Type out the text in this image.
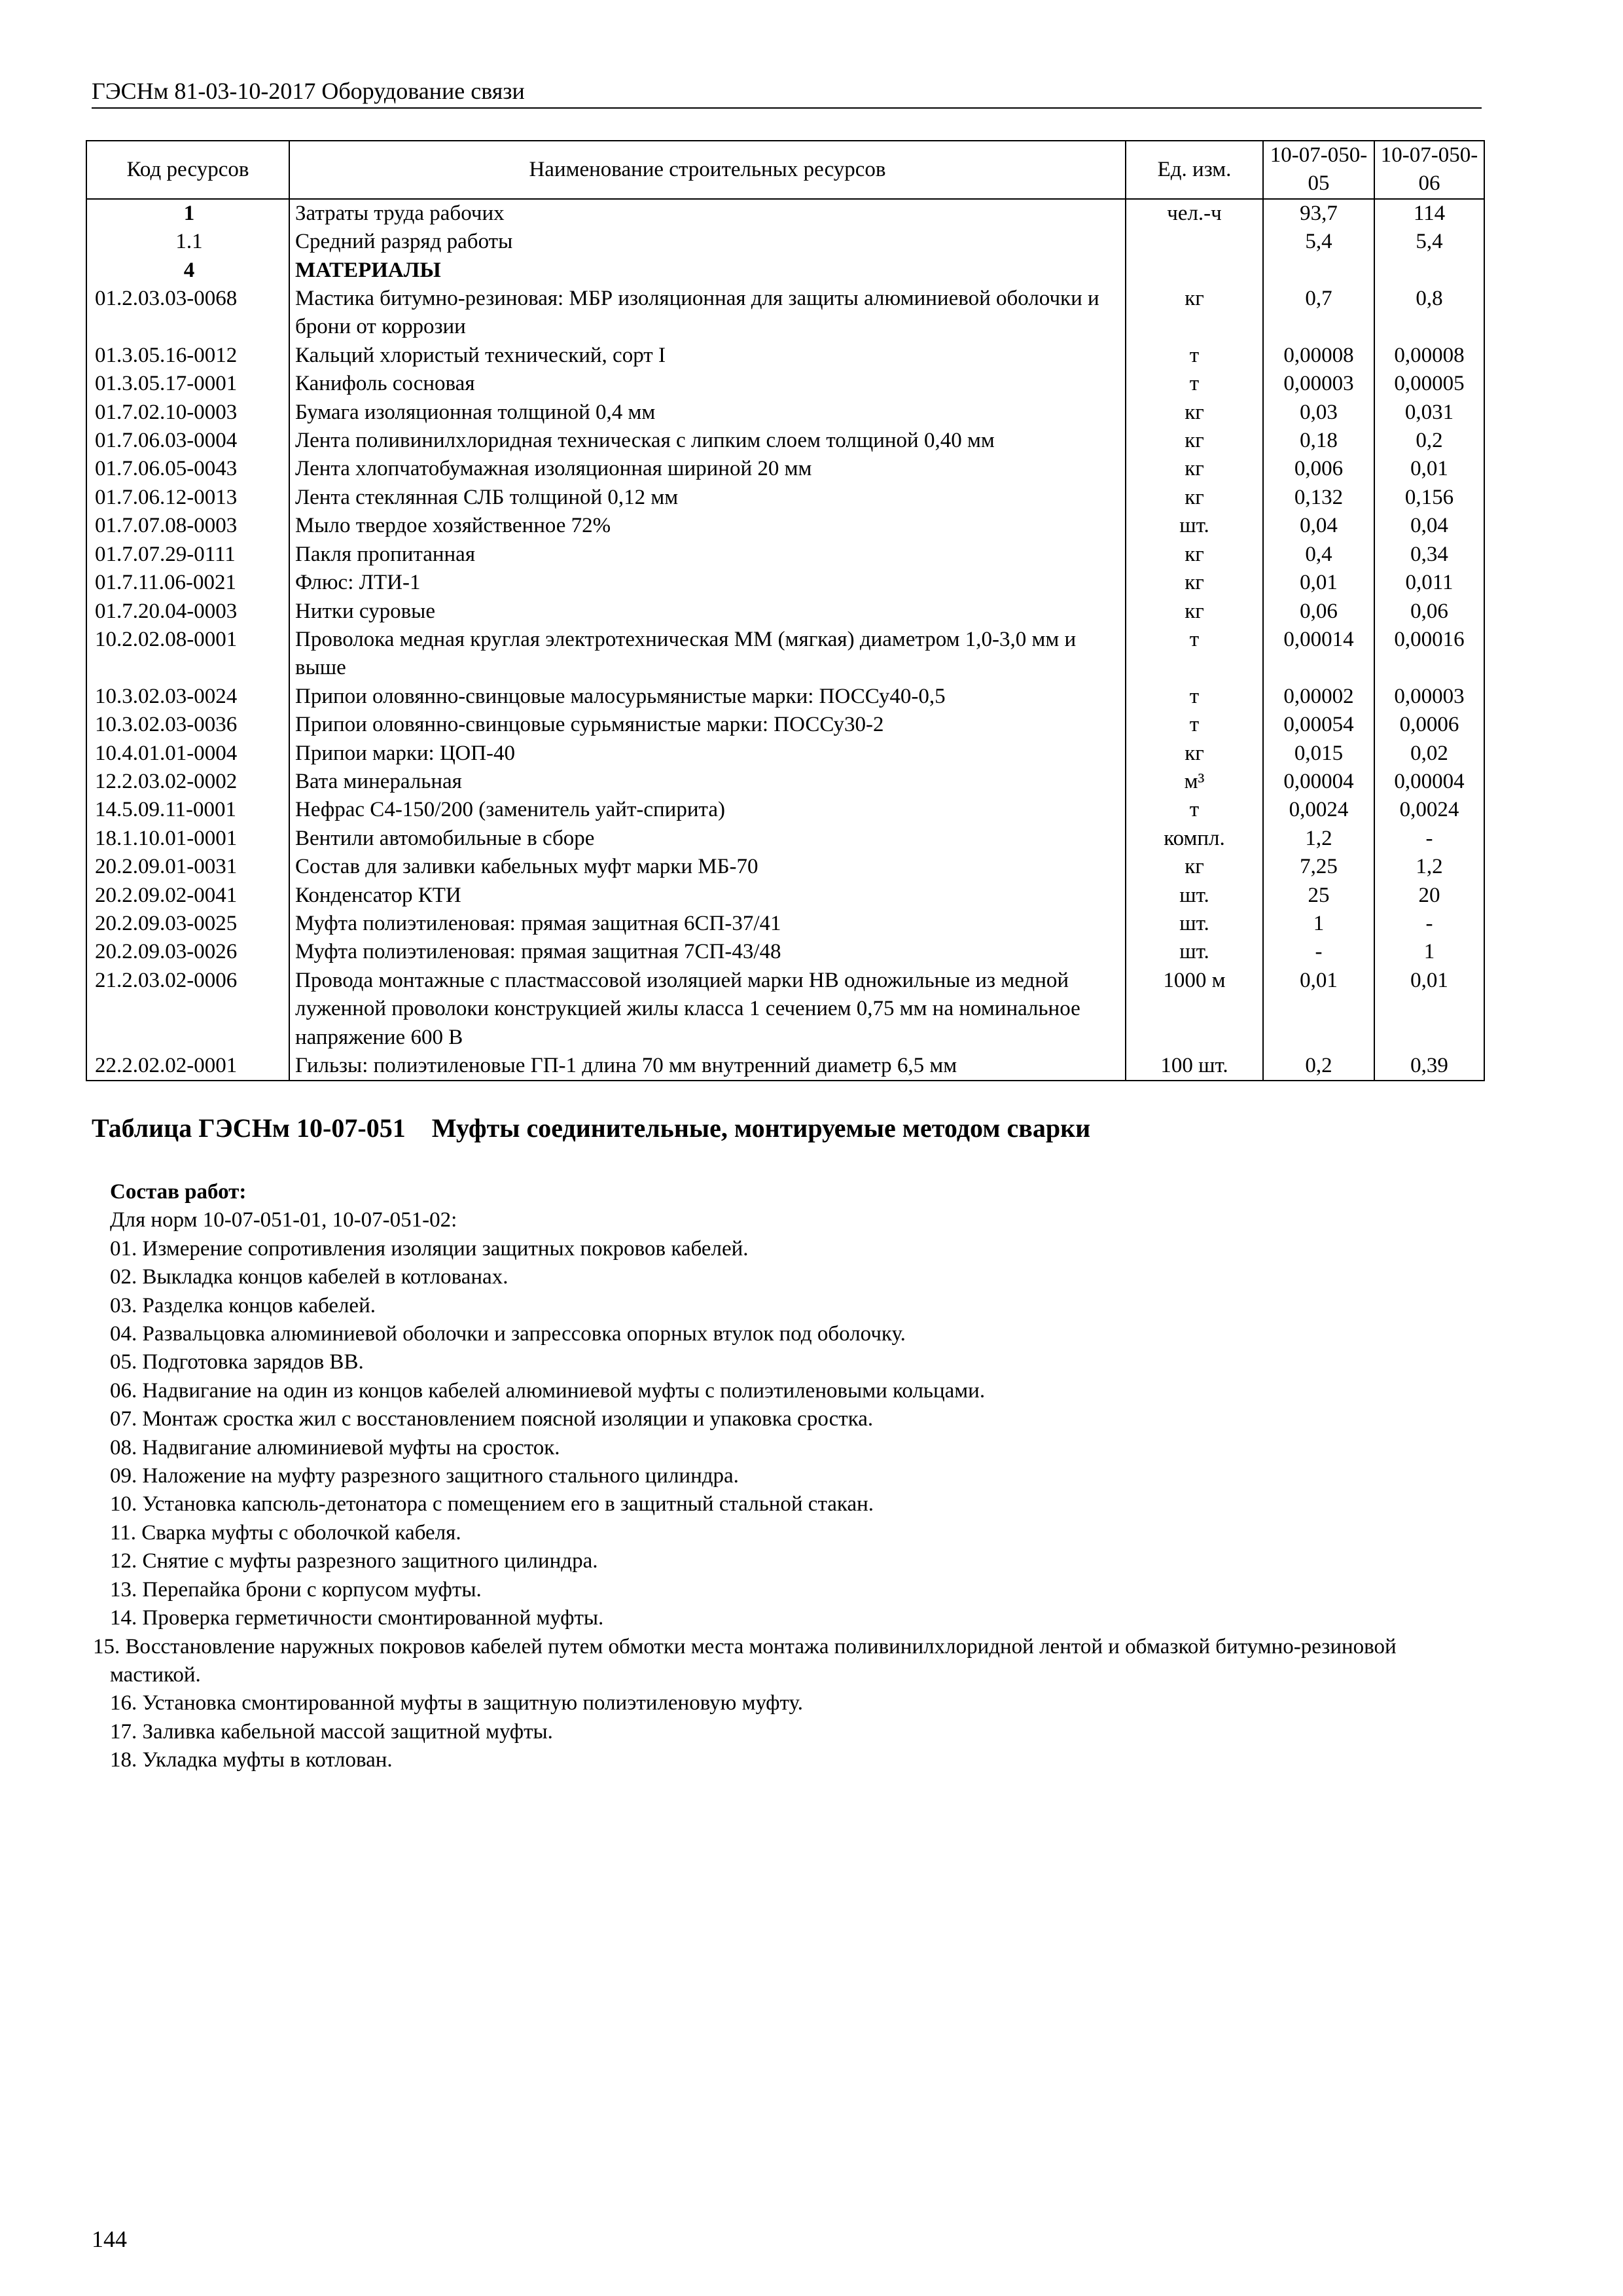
ГЭСНм 81-03-10-2017 Оборудование связи
Код ресурсов	Наименование строительных ресурсов	Ед. изм.	10-07-050-05	10-07-050-06
1	Затраты труда рабочих	чел.-ч	93,7	114
1.1	Средний разряд работы		5,4	5,4
4	МАТЕРИАЛЫ			
01.2.03.03-0068	Мастика битумно-резиновая: МБР изоляционная для защиты алюминиевой оболочки и брони от коррозии	кг	0,7	0,8
01.3.05.16-0012	Кальций хлористый технический, сорт I	т	0,00008	0,00008
01.3.05.17-0001	Канифоль сосновая	т	0,00003	0,00005
01.7.02.10-0003	Бумага изоляционная толщиной 0,4 мм	кг	0,03	0,031
01.7.06.03-0004	Лента поливинилхлоридная техническая с липким слоем толщиной 0,40 мм	кг	0,18	0,2
01.7.06.05-0043	Лента хлопчатобумажная изоляционная шириной 20 мм	кг	0,006	0,01
01.7.06.12-0013	Лента стеклянная СЛБ толщиной 0,12 мм	кг	0,132	0,156
01.7.07.08-0003	Мыло твердое хозяйственное 72%	шт.	0,04	0,04
01.7.07.29-0111	Пакля пропитанная	кг	0,4	0,34
01.7.11.06-0021	Флюс: ЛТИ-1	кг	0,01	0,011
01.7.20.04-0003	Нитки суровые	кг	0,06	0,06
10.2.02.08-0001	Проволока медная круглая электротехническая ММ (мягкая) диаметром 1,0-3,0 мм и выше	т	0,00014	0,00016
10.3.02.03-0024	Припои оловянно-свинцовые малосурьмянистые марки: ПОССу40-0,5	т	0,00002	0,00003
10.3.02.03-0036	Припои оловянно-свинцовые сурьмянистые марки: ПОССу30-2	т	0,00054	0,0006
10.4.01.01-0004	Припои марки: ЦОП-40	кг	0,015	0,02
12.2.03.02-0002	Вата минеральная	м³	0,00004	0,00004
14.5.09.11-0001	Нефрас С4-150/200 (заменитель уайт-спирита)	т	0,0024	0,0024
18.1.10.01-0001	Вентили автомобильные в сборе	компл.	1,2	-
20.2.09.01-0031	Состав для заливки кабельных муфт марки МБ-70	кг	7,25	1,2
20.2.09.02-0041	Конденсатор КТИ	шт.	25	20
20.2.09.03-0025	Муфта полиэтиленовая: прямая защитная 6СП-37/41	шт.	1	-
20.2.09.03-0026	Муфта полиэтиленовая: прямая защитная 7СП-43/48	шт.	-	1
21.2.03.02-0006	Провода монтажные с пластмассовой изоляцией марки НВ одножильные из медной луженной проволоки конструкцией жилы класса 1 сечением 0,75 мм на номинальное напряжение 600 В	1000 м	0,01	0,01
22.2.02.02-0001	Гильзы: полиэтиленовые ГП-1 длина 70 мм внутренний диаметр 6,5 мм	100 шт.	0,2	0,39
Таблица ГЭСНм 10-07-051 Муфты соединительные, монтируемые методом сварки
Состав работ:
Для норм 10-07-051-01, 10-07-051-02:
01. Измерение сопротивления изоляции защитных покровов кабелей.
02. Выкладка концов кабелей в котлованах.
03. Разделка концов кабелей.
04. Развальцовка алюминиевой оболочки и запрессовка опорных втулок под оболочку.
05. Подготовка зарядов ВВ.
06. Надвигание на один из концов кабелей алюминиевой муфты с полиэтиленовыми кольцами.
07. Монтаж сростка жил с восстановлением поясной изоляции и упаковка сростка.
08. Надвигание алюминиевой муфты на сросток.
09. Наложение на муфту разрезного защитного стального цилиндра.
10. Установка капсюль-детонатора с помещением его в защитный стальной стакан.
11. Сварка муфты с оболочкой кабеля.
12. Снятие с муфты разрезного защитного цилиндра.
13. Перепайка брони с корпусом муфты.
14. Проверка герметичности смонтированной муфты.
15. Восстановление наружных покровов кабелей путем обмотки места монтажа поливинилхлоридной лентой и обмазкой битумно-резиновой мастикой.
16. Установка смонтированной муфты в защитную полиэтиленовую муфту.
17. Заливка кабельной массой защитной муфты.
18. Укладка муфты в котлован.
144
